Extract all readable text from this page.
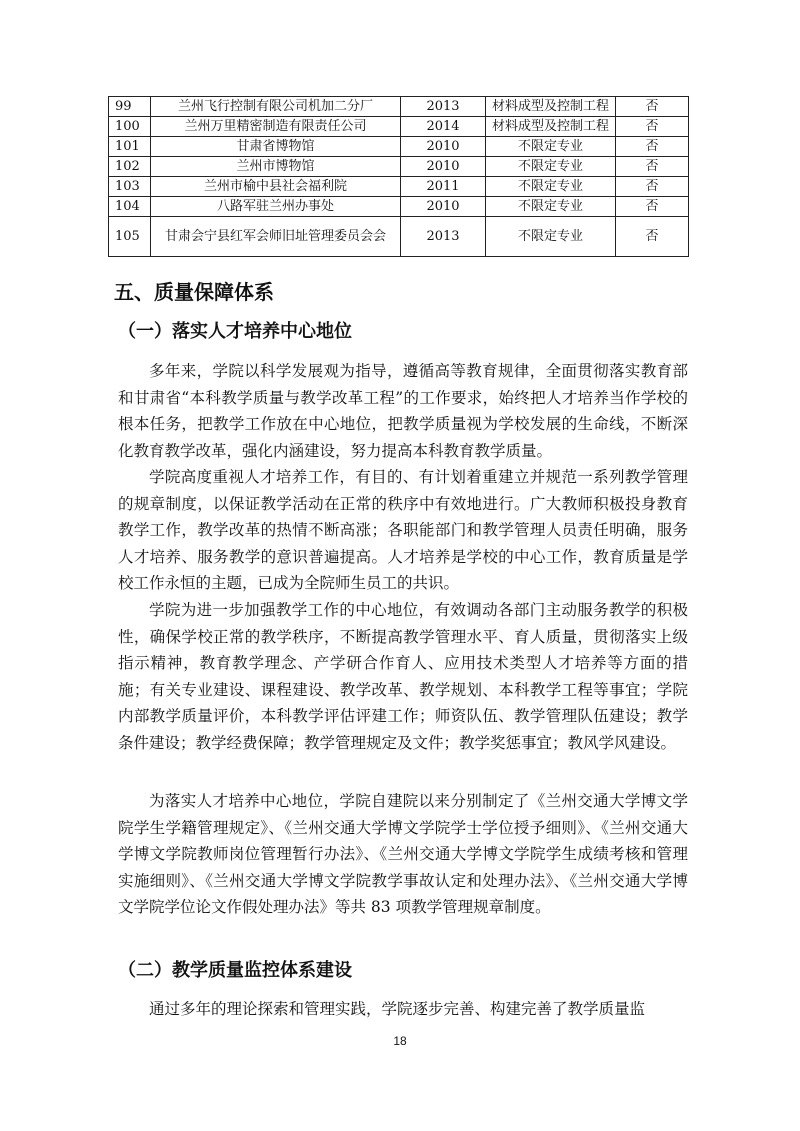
99	兰州飞行控制有限公司机加二分厂	2013	材料成型及控制工程	否
100	兰州万里精密制造有限责任公司	2014	材料成型及控制工程	否
101	甘肃省博物馆	2010	不限定专业	否
102	兰州市博物馆	2010	不限定专业	否
103	兰州市榆中县社会福利院	2011	不限定专业	否
104	八路军驻兰州办事处	2010	不限定专业	否
105	甘肃会宁县红军会师旧址管理委员会会	2013	不限定专业	否
五、质量保障体系
（一）落实人才培养中心地位

多年来，学院以科学发展观为指导，遵循高等教育规律，全面贯彻落实教育部和甘肃省“本科教学质量与教学改革工程”的工作要求，始终把人才培养当作学校的根本任务，把教学工作放在中心地位，把教学质量视为学校发展的生命线，不断深化教育教学改革，强化内涵建设，努力提高本科教育教学质量。

学院高度重视人才培养工作，有目的、有计划着重建立并规范一系列教学管理的规章制度，以保证教学活动在正常的秩序中有效地进行。广大教师积极投身教育教学工作，教学改革的热情不断高涨；各职能部门和教学管理人员责任明确，服务人才培养、服务教学的意识普遍提高。人才培养是学校的中心工作，教育质量是学校工作永恒的主题，已成为全院师生员工的共识。

学院为进一步加强教学工作的中心地位，有效调动各部门主动服务教学的积极性，确保学校正常的教学秩序，不断提高教学管理水平、育人质量，贯彻落实上级指示精神，教育教学理念、产学研合作育人、应用技术类型人才培养等方面的措施；有关专业建设、课程建设、教学改革、教学规划、本科教学工程等事宜；学院内部教学质量评价，本科教学评估评建工作；师资队伍、教学管理队伍建设；教学条件建设；教学经费保障；教学管理规定及文件；教学奖惩事宜；教风学风建设。

为落实人才培养中心地位，学院自建院以来分别制定了《兰州交通大学博文学院学生学籍管理规定》、《兰州交通大学博文学院学士学位授予细则》、《兰州交通大学博文学院教师岗位管理暂行办法》、《兰州交通大学博文学院学生成绩考核和管理实施细则》、《兰州交通大学博文学院教学事故认定和处理办法》、《兰州交通大学博文学院学位论文作假处理办法》等共 83 项教学管理规章制度。

（二）教学质量监控体系建设

通过多年的理论探索和管理实践，学院逐步完善、构建完善了教学质量监

18
